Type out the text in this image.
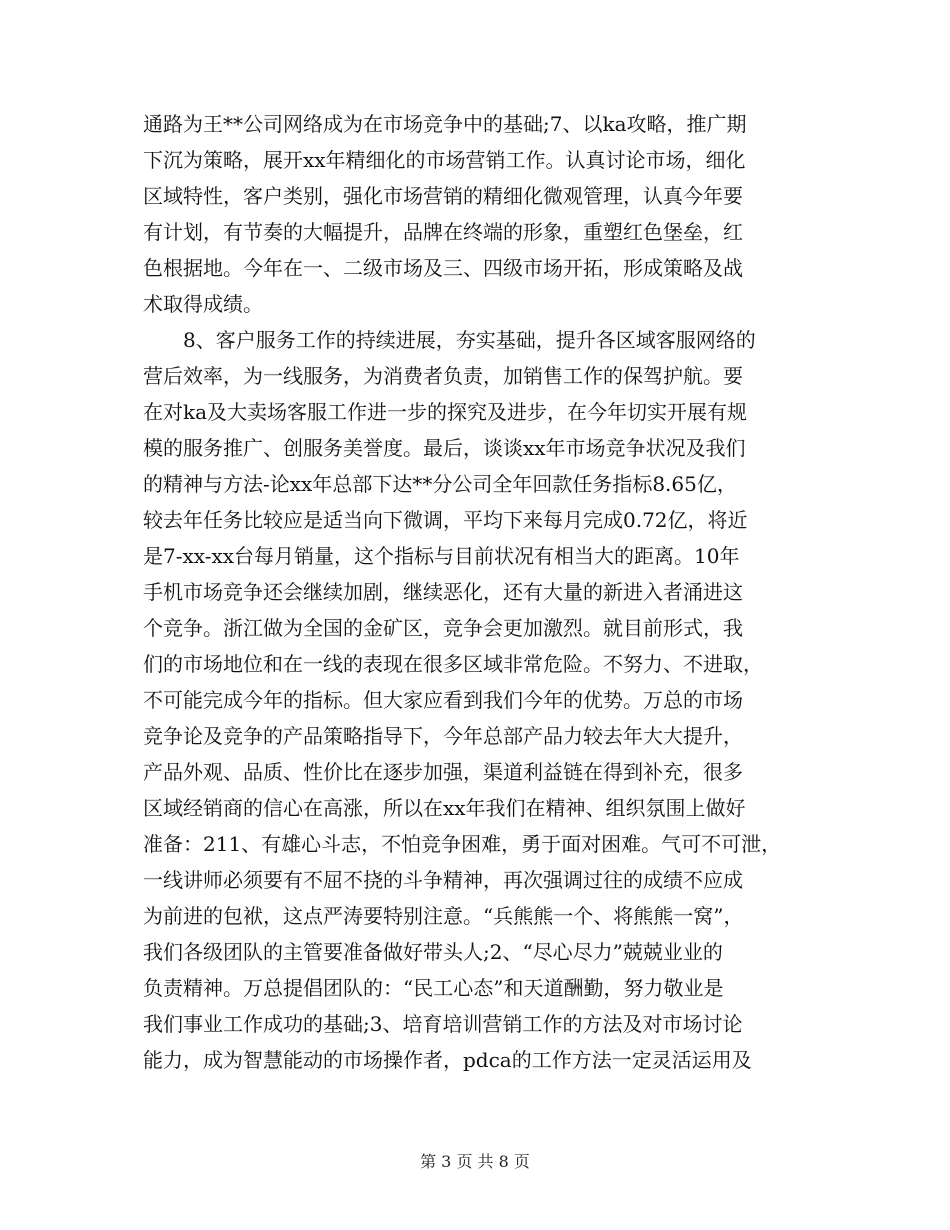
通路为王**公司网络成为在市场竞争中的基础;7、以ka攻略，推广期
下沉为策略，展开xx年精细化的市场营销工作。认真讨论市场，细化
区域特性，客户类别，强化市场营销的精细化微观管理，认真今年要
有计划，有节奏的大幅提升，品牌在终端的形象，重塑红色堡垒，红
色根据地。今年在一、二级市场及三、四级市场开拓，形成策略及战
术取得成绩。
　　8、客户服务工作的持续进展，夯实基础，提升各区域客服网络的
营后效率，为一线服务，为消费者负责，加销售工作的保驾护航。要
在对ka及大卖场客服工作进一步的探究及进步，在今年切实开展有规
模的服务推广、创服务美誉度。最后，谈谈xx年市场竞争状况及我们
的精神与方法-论xx年总部下达**分公司全年回款任务指标8.65亿，
较去年任务比较应是适当向下微调，平均下来每月完成0.72亿，将近
是7-xx-xx台每月销量，这个指标与目前状况有相当大的距离。10年
手机市场竞争还会继续加剧，继续恶化，还有大量的新进入者涌进这
个竞争。浙江做为全国的金矿区，竞争会更加激烈。就目前形式，我
们的市场地位和在一线的表现在很多区域非常危险。不努力、不进取，
不可能完成今年的指标。但大家应看到我们今年的优势。万总的市场
竞争论及竞争的产品策略指导下，今年总部产品力较去年大大提升，
产品外观、品质、性价比在逐步加强，渠道利益链在得到补充，很多
区域经销商的信心在高涨，所以在xx年我们在精神、组织氛围上做好
准备：211、有雄心斗志，不怕竞争困难，勇于面对困难。气可不可泄，
一线讲师必须要有不屈不挠的斗争精神，再次强调过往的成绩不应成
为前进的包袱，这点严涛要特别注意。“兵熊熊一个、将熊熊一窝”，
我们各级团队的主管要准备做好带头人;2、“尽心尽力”兢兢业业的
负责精神。万总提倡团队的：“民工心态”和天道酬勤，努力敬业是
我们事业工作成功的基础;3、培育培训营销工作的方法及对市场讨论
能力，成为智慧能动的市场操作者，pdca的工作方法一定灵活运用及
第 3 页 共 8 页
